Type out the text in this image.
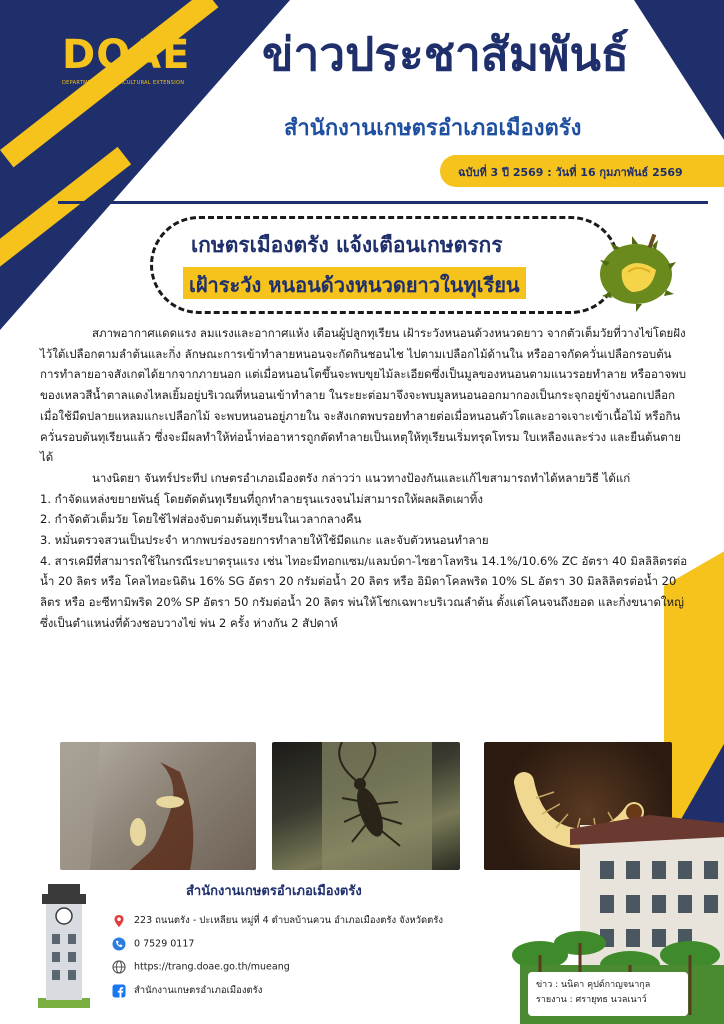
DOAE
DEPARTMENT OF AGRICULTURAL EXTENSION
ข่าวประชาสัมพันธ์
สำนักงานเกษตรอำเภอเมืองตรัง
ฉบับที่ 3 ปี 2569 : วันที่ 16 กุมภาพันธ์ 2569
เกษตรเมืองตรัง แจ้งเตือนเกษตรกร
เฝ้าระวัง หนอนด้วงหนวดยาวในทุเรียน

สภาพอากาศแดดแรง ลมแรงและอากาศแห้ง เตือนผู้ปลูกทุเรียน เฝ้าระวังหนอนด้วงหนวดยาว จากตัวเต็มวัยที่วางไข่โดยฝังไว้ใต้เปลือกตามลำต้นและกิ่ง ลักษณะการเข้าทำลายหนอนจะกัดกินชอนไช ไปตามเปลือกไม้ด้านใน หรืออาจกัดควั่นเปลือกรอบต้น การทำลายอาจสังเกตได้ยากจากภายนอก แต่เมื่อหนอนโตขึ้นจะพบขุยไม้ละเอียดซึ่งเป็นมูลของหนอนตามแนวรอยทำลาย หรืออาจพบของเหลวสีน้ำตาลแดงไหลเยิ้มอยู่บริเวณที่หนอนเข้าทำลาย ในระยะต่อมาจึงจะพบมูลหนอนออกมากองเป็นกระจุกอยู่ข้างนอกเปลือก เมื่อใช้มีดปลายแหลมแกะเปลือกไม้ จะพบหนอนอยู่ภายใน จะสังเกตพบรอยทำลายต่อเมื่อหนอนตัวโตและอาจเจาะเข้าเนื้อไม้ หรือกินควั่นรอบต้นทุเรียนแล้ว ซึ่งจะมีผลทำให้ท่อน้ำท่ออาหารถูกตัดทำลายเป็นเหตุให้ทุเรียนเริ่มทรุดโทรม ใบเหลืองและร่วง และยืนต้นตายได้

นางนิตยา จันทร์ประทีป เกษตรอำเภอเมืองตรัง กล่าวว่า แนวทางป้องกันและแก้ไขสามารถทำได้หลายวิธี ได้แก่

1. กำจัดแหล่งขยายพันธุ์ โดยตัดต้นทุเรียนที่ถูกทำลายรุนแรงจนไม่สามารถให้ผลผลิตเผาทิ้ง

2. กำจัดตัวเต็มวัย โดยใช้ไฟส่องจับตามต้นทุเรียนในเวลากลางคืน

3. หมั่นตรวจสวนเป็นประจำ หากพบร่องรอยการทำลายให้ใช้มีดแกะ และจับตัวหนอนทำลาย

4. สารเคมีที่สามารถใช้ในกรณีระบาดรุนแรง เช่น ไทอะมีทอกแซม/แลมบ์ดา-ไซฮาโลทริน 14.1%/10.6% ZC อัตรา 40 มิลลิลิตรต่อน้ำ 20 ลิตร หรือ โคลไทอะนิดิน 16% SG อัตรา 20 กรัมต่อน้ำ 20 ลิตร หรือ อิมิดาโคลพริด 10% SL อัตรา 30 มิลลิลิตรต่อน้ำ 20 ลิตร หรือ อะซีทามิพริด 20% SP อัตรา 50 กรัมต่อน้ำ 20 ลิตร พ่นให้โชกเฉพาะบริเวณลำต้น ตั้งแต่โคนจนถึงยอด และกิ่งขนาดใหญ่ ซึ่งเป็นตำแหน่งที่ด้วงชอบวางไข่ พ่น 2 ครั้ง ห่างกัน 2 สัปดาห์

สำนักงานเกษตรอำเภอเมืองตรัง
223 ถนนตรัง - ปะเหลียน หมู่ที่ 4 ตำบลบ้านควน อำเภอเมืองตรัง จังหวัดตรัง
0 7529 0117
https://trang.doae.go.th/mueang
สำนักงานเกษตรอำเภอเมืองตรัง	ข่าว : นนิดา คุปต์กาญจนากุล
รายงาน : ศรายุทธ นวลเนาว์
